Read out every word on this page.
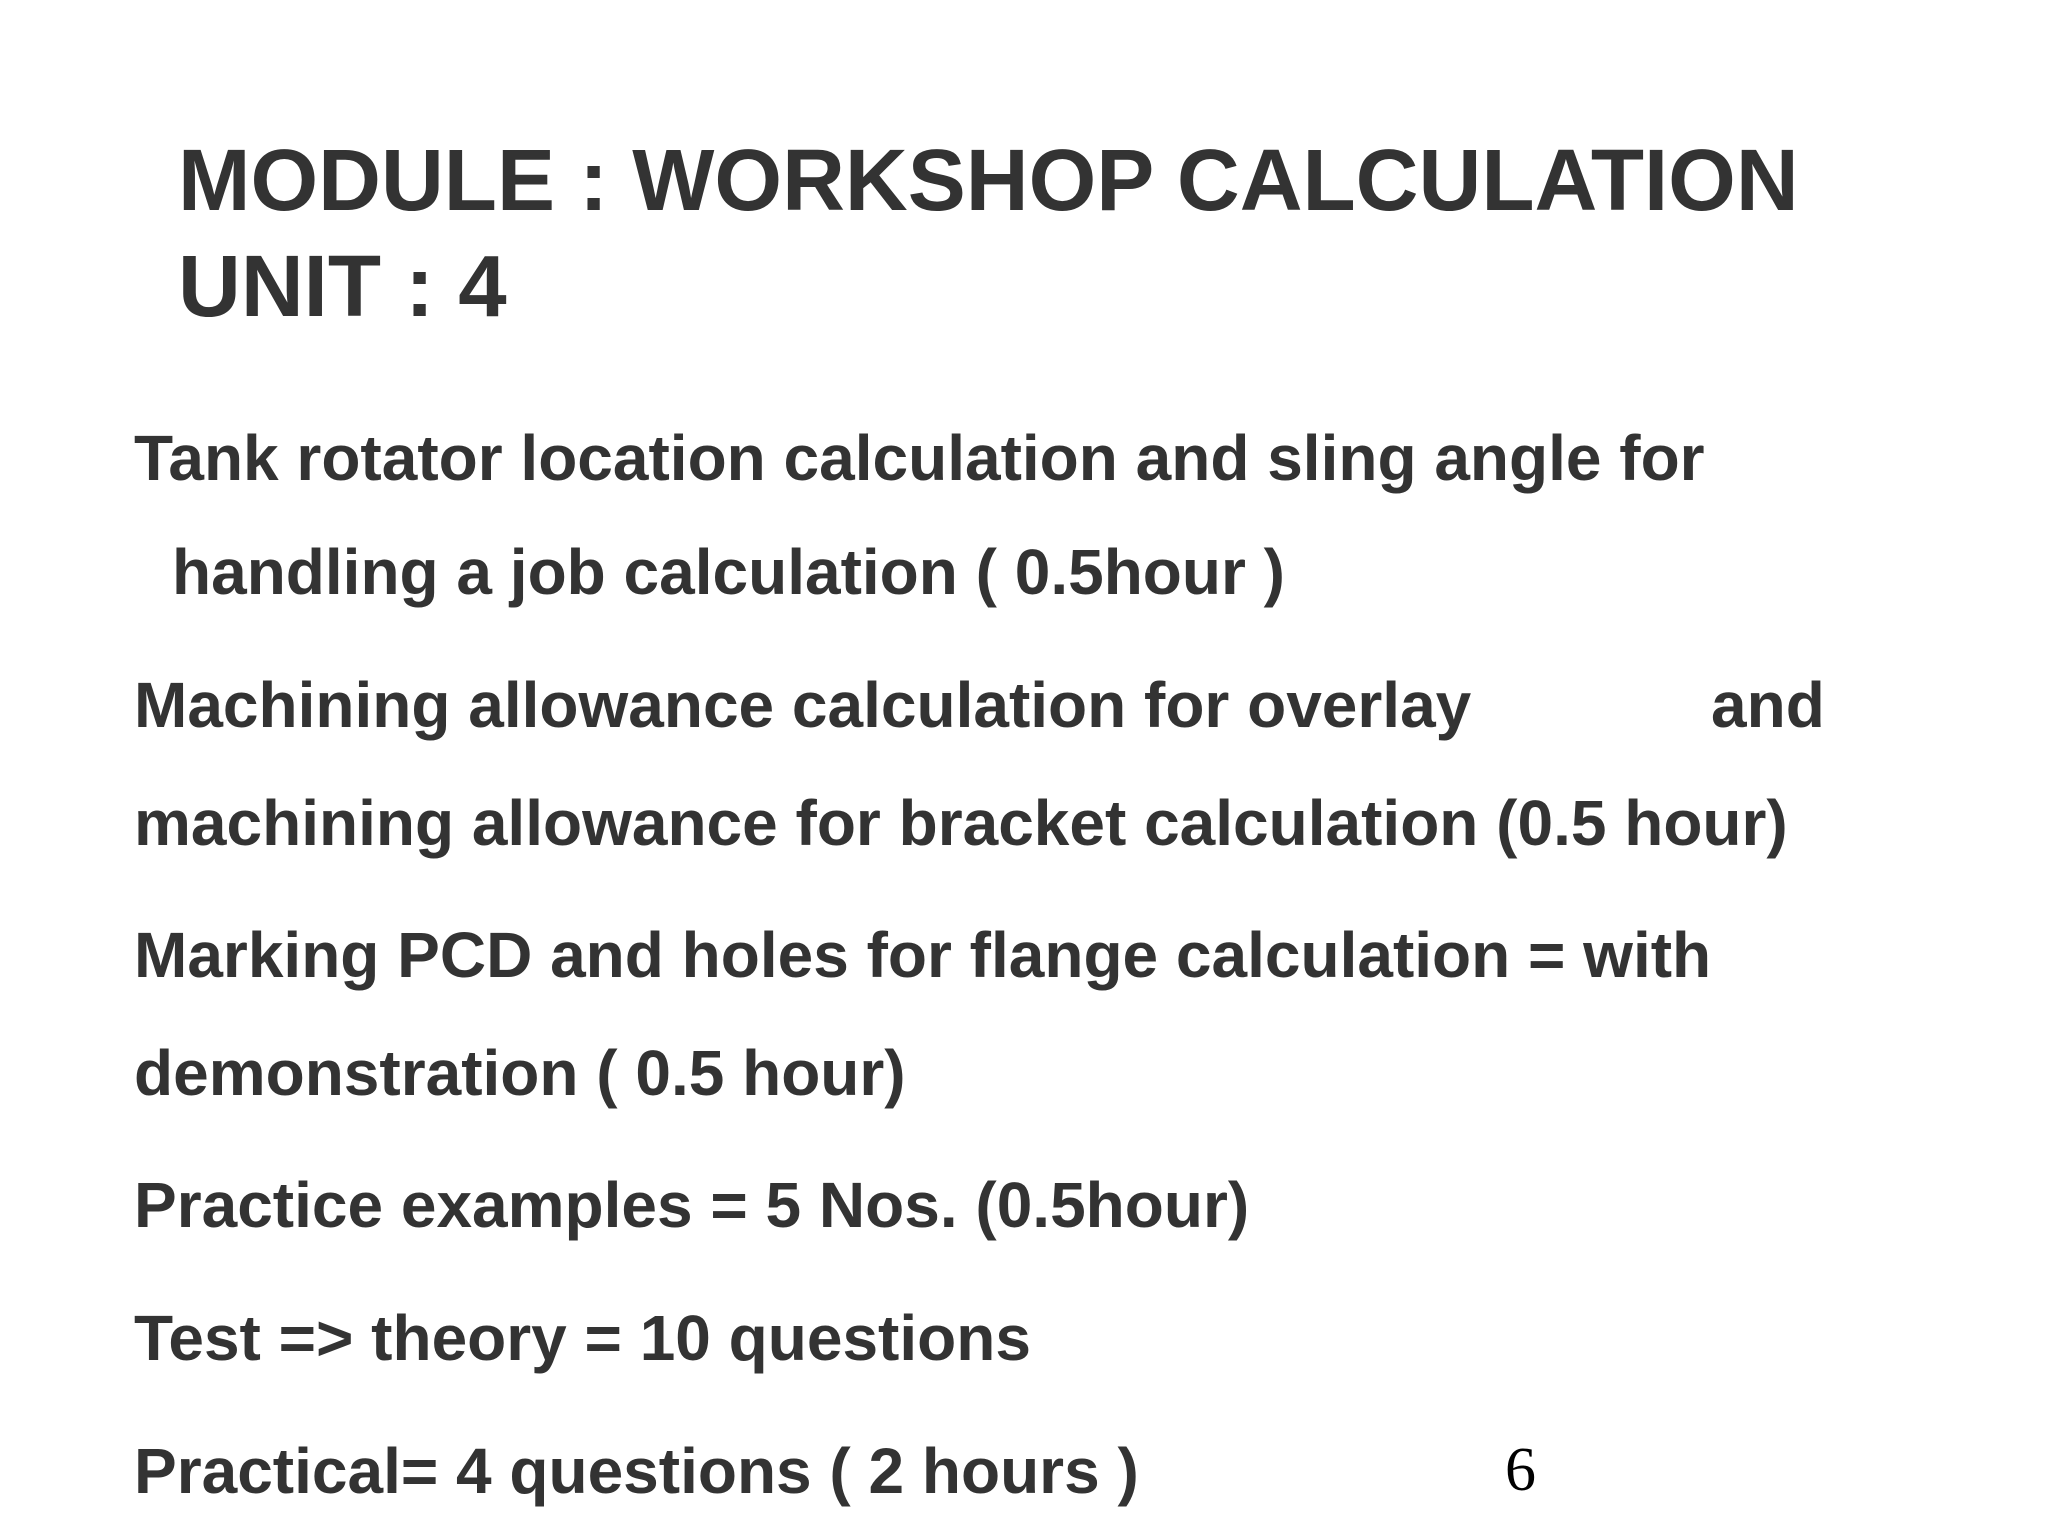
MODULE : WORKSHOP CALCULATION
UNIT : 4
Tank rotator location calculation and sling angle for
handling a job calculation ( 0.5hour )
Machining allowance calculation for overlay	and
machining allowance for bracket calculation (0.5 hour)
Marking PCD and holes for flange calculation = with
demonstration ( 0.5 hour)
Practice examples = 5 Nos. (0.5hour)
Test => theory = 10 questions
Practical= 4 questions ( 2 hours )	6
